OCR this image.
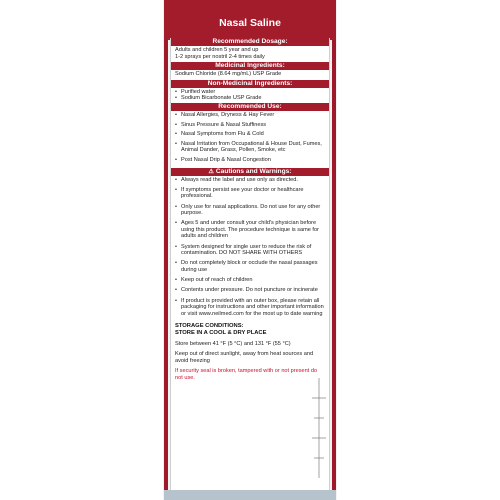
Nasal Saline
Recommended Dosage:
Adults and children 5 year and up
1-2 sprays per nostril 2-4 times daily
Medicinal Ingredients:
Sodium Chloride (8.64 mg/mL) USP Grade
Non-Medicinal Ingredients:
• Purified water
• Sodium Bicarbonate USP Grade
Recommended Use:
• Nasal Allergies, Dryness & Hay Fever
• Sinus Pressure & Nasal Stuffiness
• Nasal Symptoms from Flu & Cold
• Nasal Irritation from Occupational & House Dust, Fumes, Animal Dander, Grass, Pollen, Smoke, etc
• Post Nasal Drip & Nasal Congestion
⚠ Cautions and Warnings:
• Always read the label and use only as directed.
• If symptoms persist see your doctor or healthcare professional.
• Only use for nasal applications. Do not use for any other purpose.
• Ages 5 and under consult your child's physician before using this product. The procedure technique is same for adults and children
• System designed for single user to reduce the risk of contamination. DO NOT SHARE WITH OTHERS
• Do not completely block or occlude the nasal passages during use
• Keep out of reach of children
• Contents under pressure. Do not puncture or incinerate
• If product is provided with an outer box, please retain all packaging for instructions and other important information or visit www.neilmed.com for the most up to date warning
STORAGE CONDITIONS:
STORE IN A COOL & DRY PLACE
Store between 41 °F (5 °C) and 131 °F (55 °C)
Keep out of direct sunlight, away from heat sources and avoid freezing
If security seal is broken, tampered with or not present do not use.
